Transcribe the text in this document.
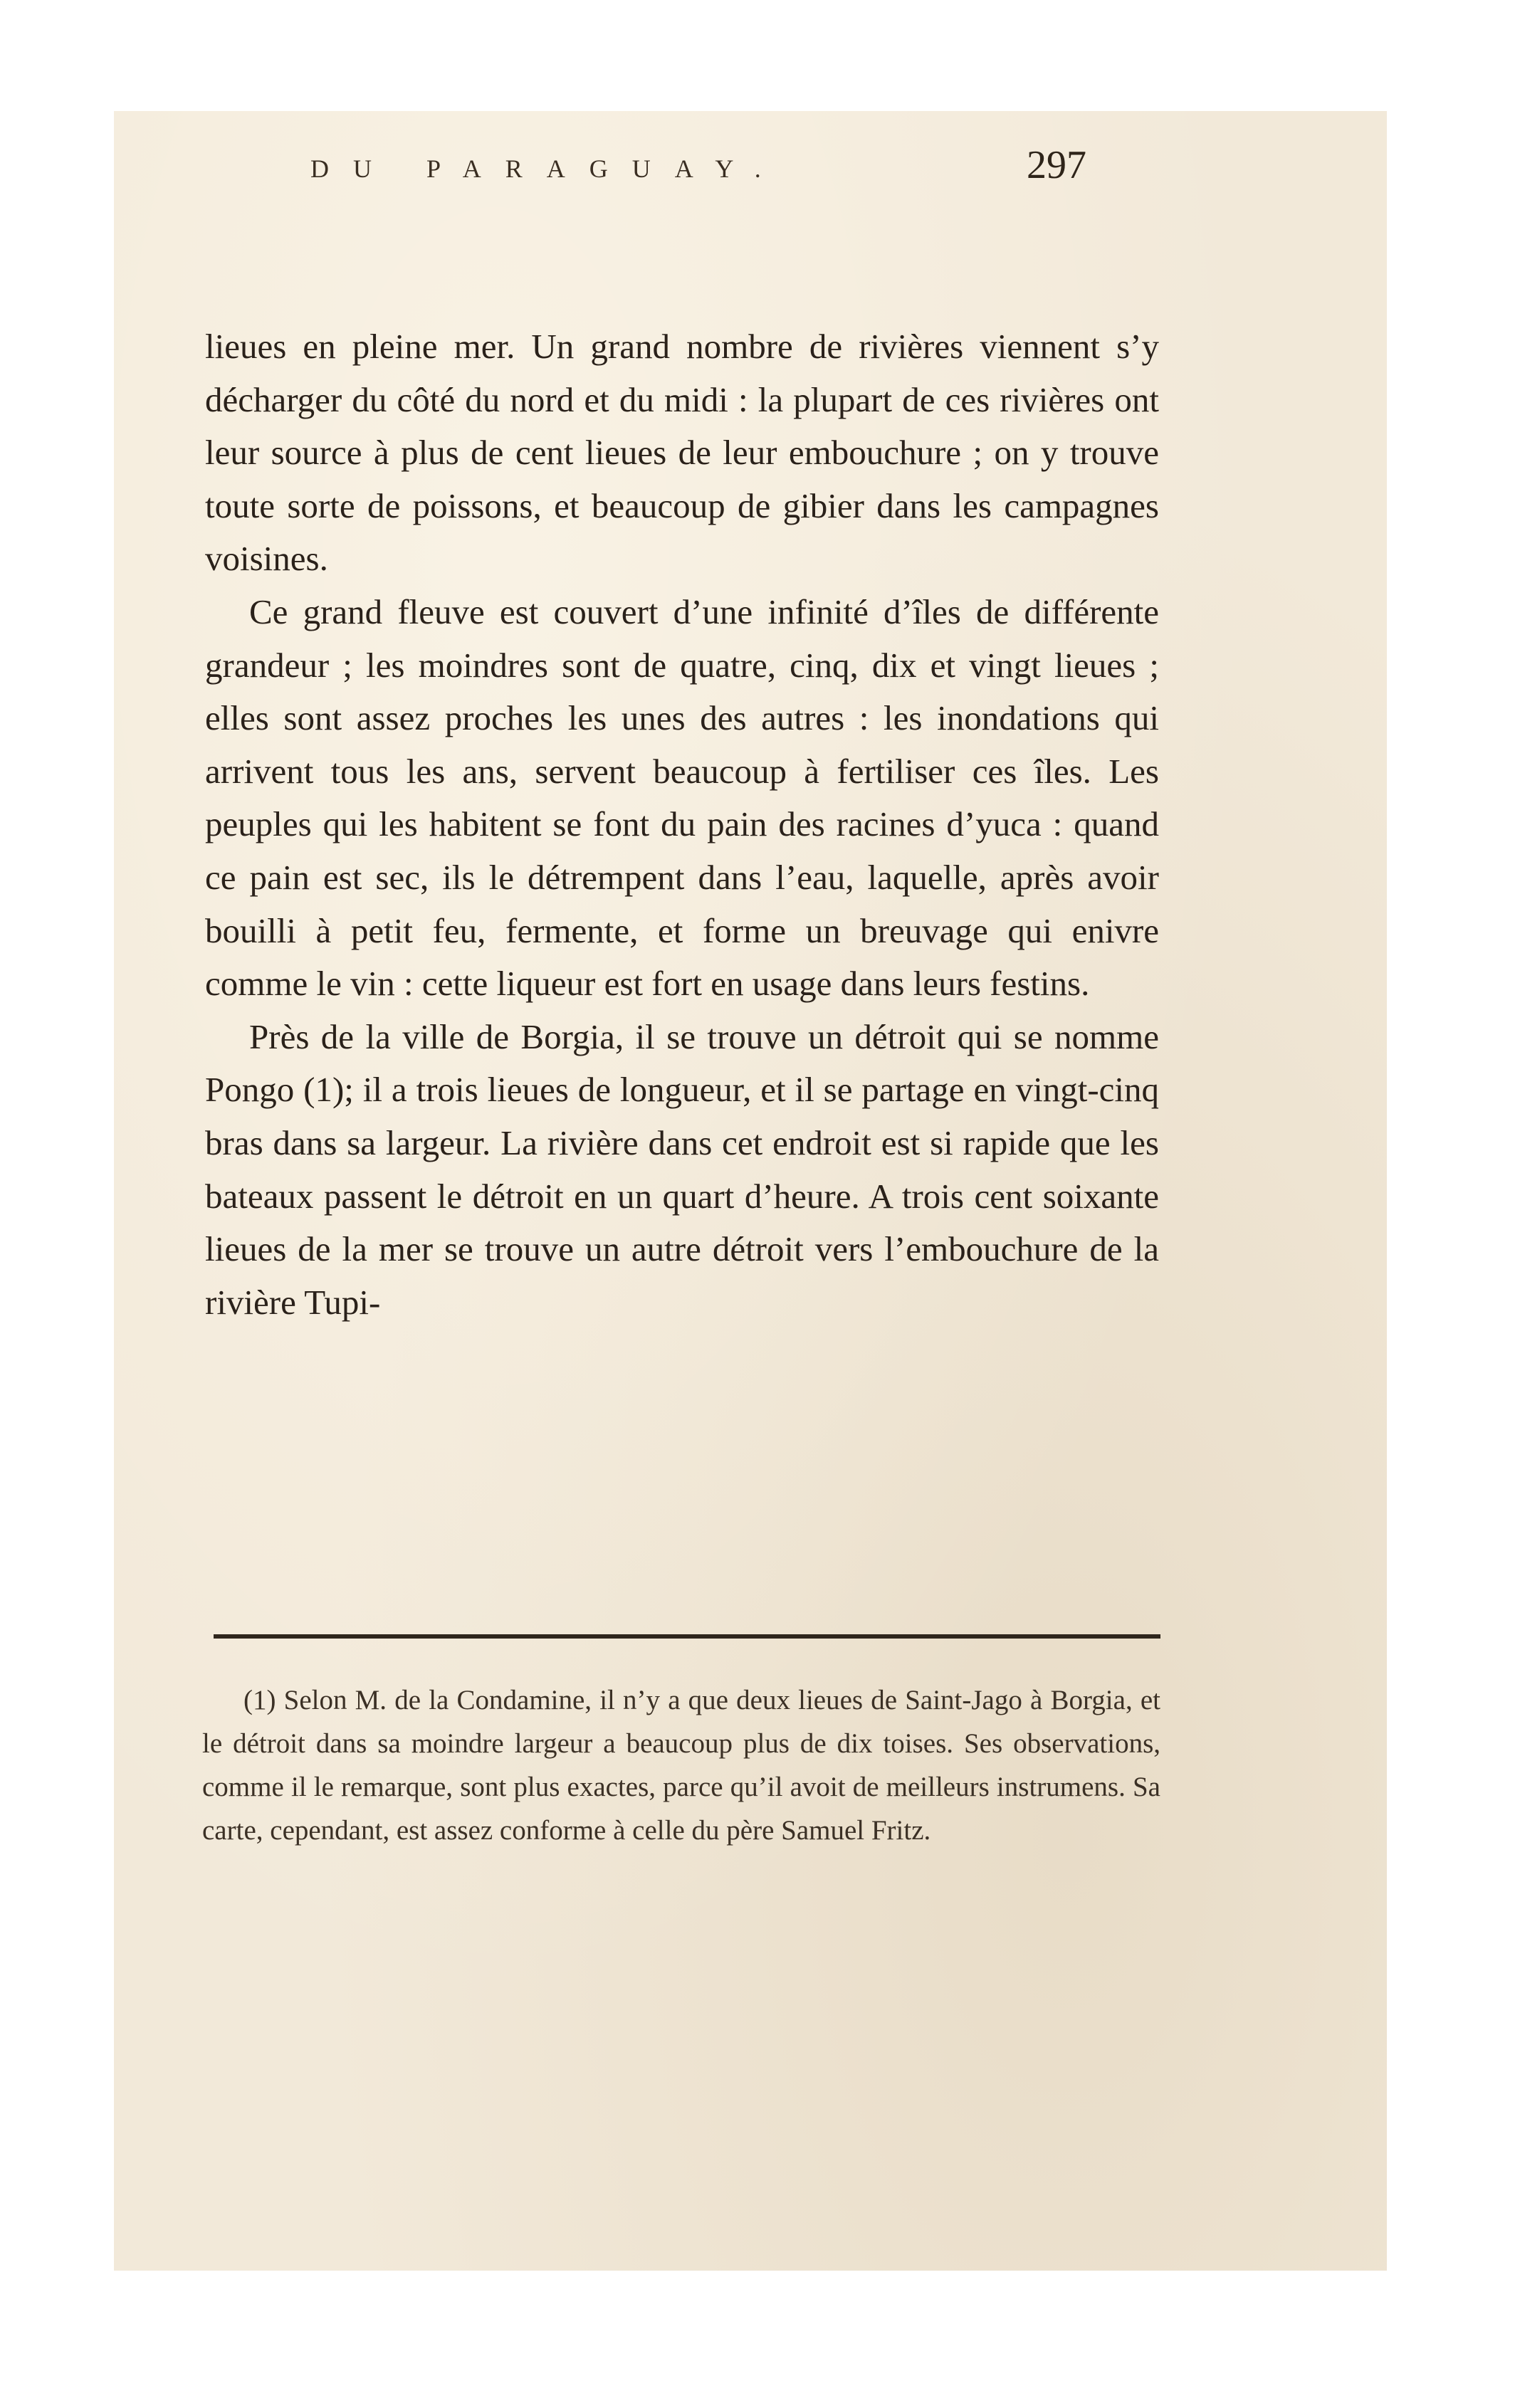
DU PARAGUAY.	297

lieues en pleine mer. Un grand nombre de rivières viennent s’y décharger du côté du nord et du midi : la plupart de ces rivières ont leur source à plus de cent lieues de leur embouchure ; on y trouve toute sorte de poissons, et beaucoup de gibier dans les campagnes voisines.

Ce grand fleuve est couvert d’une infinité d’îles de différente grandeur ; les moindres sont de quatre, cinq, dix et vingt lieues ; elles sont assez proches les unes des autres : les inondations qui arrivent tous les ans, servent beaucoup à fertiliser ces îles. Les peuples qui les habitent se font du pain des racines d’yuca : quand ce pain est sec, ils le détrempent dans l’eau, laquelle, après avoir bouilli à petit feu, fermente, et forme un breuvage qui enivre comme le vin : cette liqueur est fort en usage dans leurs festins.

Près de la ville de Borgia, il se trouve un détroit qui se nomme Pongo (1); il a trois lieues de longueur, et il se partage en vingt-cinq bras dans sa largeur. La rivière dans cet endroit est si rapide que les bateaux passent le détroit en un quart d’heure. A trois cent soixante lieues de la mer se trouve un autre détroit vers l’embouchure de la rivière Tupi-

(1) Selon M. de la Condamine, il n’y a que deux lieues de Saint-Jago à Borgia, et le détroit dans sa moindre largeur a beaucoup plus de dix toises. Ses observations, comme il le remarque, sont plus exactes, parce qu’il avoit de meilleurs instrumens. Sa carte, cependant, est assez conforme à celle du père Samuel Fritz.
